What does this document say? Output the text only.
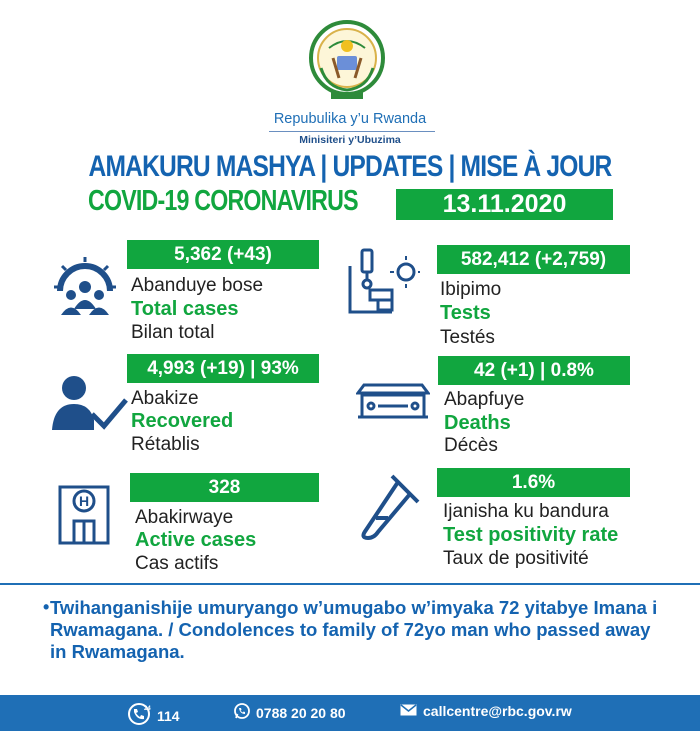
Repubulika y’u Rwanda
Minisiteri y’Ubuzima
AMAKURU MASHYA | UPDATES | MISE À JOUR
COVID-19 CORONAVIRUS	13.11.2020
5,362 (+43)
Abanduye bose
Total cases
Bilan total
582,412 (+2,759)
Ibipimo
Tests
Testés
4,993 (+19) | 93%
Abakize
Recovered
Rétablis
42 (+1) | 0.8%
Abapfuye
Deaths
Décès
H
328
Abakirwaye
Active cases
Cas actifs
1.6%
Ijanisha ku bandura
Test positivity rate
Taux de positivité
• Twihanganishije umuryango w’umugabo w’imyaka 72 yitabye Imana i Rwamagana. / Condolences to family of 72yo man who passed away in Rwamagana.
24 114	0788 20 20 80	callcentre@rbc.gov.rw
